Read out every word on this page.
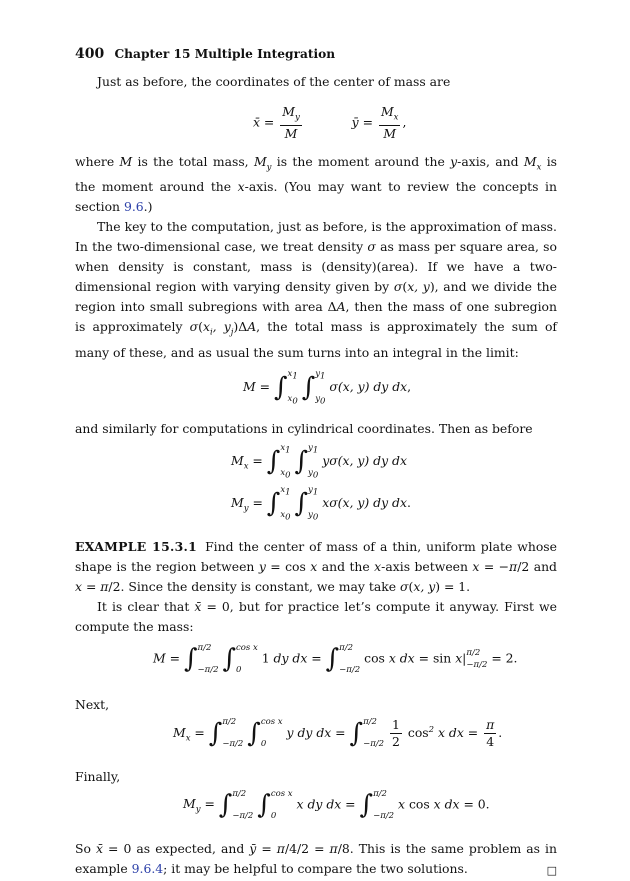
400 Chapter 15 Multiple Integration

Just as before, the coordinates of the center of mass are

x̄ = $\frac{M_y}{M}$	ȳ = $\frac{M_x}{M}$ ,

where M is the total mass, $M_y$ is the moment around the y-axis, and $M_x$ is the moment around the x-axis. (You may want to review the concepts in section 9.6.)

The key to the computation, just as before, is the approximation of mass. In the two-dimensional case, we treat density σ as mass per square area, so when density is constant, mass is (density)(area). If we have a two-dimensional region with varying density given by σ(x, y), and we divide the region into small subregions with area ΔA, then the mass of one subregion is approximately $\sigma(x_i$, $y_j)\Delta A$, the total mass is approximately the sum of many of these, and as usual the sum turns into an integral in the limit:

M = ∫ $x_1$
$x_0$ ∫ $y_1$
$y_0$
σ(x, y) dy dx,

and similarly for computations in cylindrical coordinates. Then as before

$M_x$ = ∫ $x_1$
$x_0$ ∫ $y_1$
$y_0$
yσ(x, y) dy dx
$M_y$ = ∫ $x_1$
$x_0$ ∫ $y_1$
$y_0$
xσ(x, y) dy dx.

EXAMPLE 15.3.1 Find the center of mass of a thin, uniform plate whose shape is the region between y = cos x and the x-axis between x = −π/2 and x = π/2. Since the density is constant, we may take σ(x, y) = 1.

It is clear that x̄ = 0, but for practice let’s compute it anyway. First we compute the mass:

M = ∫ π/2
−π/2 ∫ cos x
0
1 dy dx = ∫ π/2
−π/2
cos x dx = sin x| π/2
−π/2 = 2.

Next,

$M_x$ = ∫ π/2
−π/2 ∫ cos x
0
y dy dx = ∫ π/2
−π/2
$\frac{1}{2} \cos^2 x$ dx = $\frac{\pi}{4}$ .

Finally,

$M_y$ = ∫ π/2
−π/2 ∫ cos x
0
x dy dx = ∫ π/2
−π/2
x cos x dx = 0.

So x̄ = 0 as expected, and ȳ = π/4/2 = π/8. This is the same problem as in example 9.6.4; it may be helpful to compare the two solutions.	□
